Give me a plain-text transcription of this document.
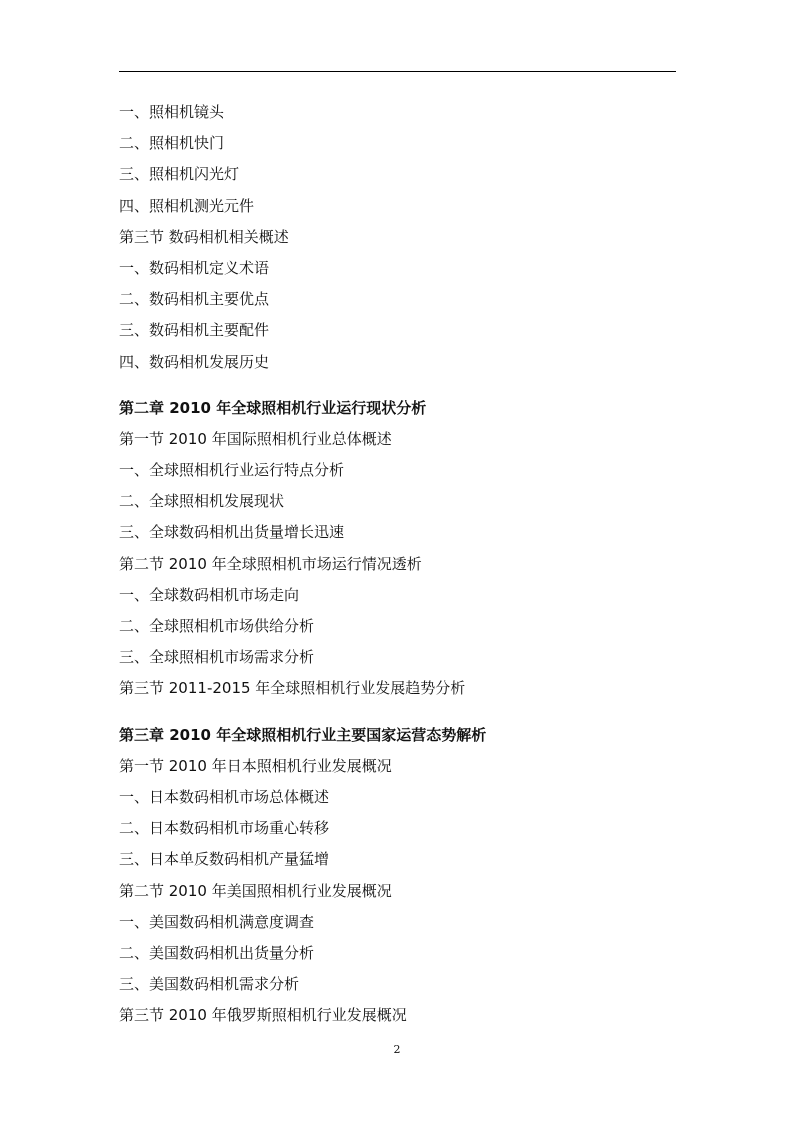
一、照相机镜头
二、照相机快门
三、照相机闪光灯
四、照相机测光元件
第三节 数码相机相关概述
一、数码相机定义术语
二、数码相机主要优点
三、数码相机主要配件
四、数码相机发展历史
第二章 2010 年全球照相机行业运行现状分析
第一节 2010 年国际照相机行业总体概述
一、全球照相机行业运行特点分析
二、全球照相机发展现状
三、全球数码相机出货量增长迅速
第二节 2010 年全球照相机市场运行情况透析
一、全球数码相机市场走向
二、全球照相机市场供给分析
三、全球照相机市场需求分析
第三节 2011-2015 年全球照相机行业发展趋势分析
第三章 2010 年全球照相机行业主要国家运营态势解析
第一节 2010 年日本照相机行业发展概况
一、日本数码相机市场总体概述
二、日本数码相机市场重心转移
三、日本单反数码相机产量猛增
第二节 2010 年美国照相机行业发展概况
一、美国数码相机满意度调查
二、美国数码相机出货量分析
三、美国数码相机需求分析
第三节 2010 年俄罗斯照相机行业发展概况
2
